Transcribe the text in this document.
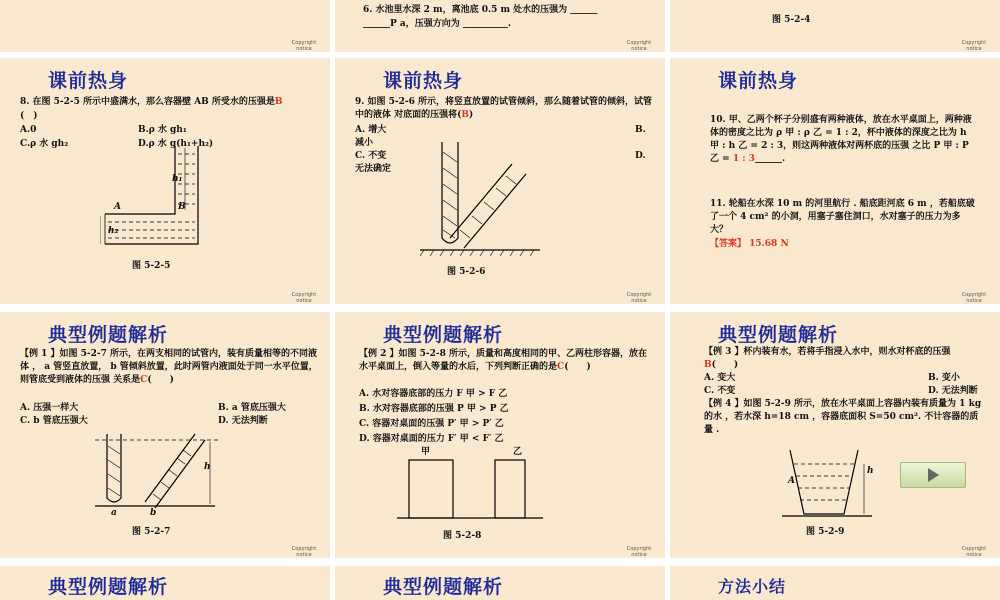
Copyright notice
6. 水池里水深 2 m，离池底 0.5 m 处水的压强为 ______
______P a，压强方向为 __________.
Copyright notice
图 5-2-4
Copyright notice
课前热身
8. 在图 5-2-5 所示中盛满水，那么容器壁 AB 所受水的压强是B
(　)
A.0	B.ρ 水 gh₁
C.ρ 水 gh₂	D.ρ 水 g(h₁+h₂)
A	B
h₁
h₂
图 5-2-5
Copyright notice
课前热身
9. 如图 5-2-6 所示，将竖直放置的试管倾斜，那么随着试管的倾斜，试管中的液体 对底面的压强将(B)
A. 增大	B.
减小
C. 不变	D.
无法确定
图 5-2-6
Copyright notice
课前热身
10. 甲、乙两个杯子分别盛有两种液体，放在水平桌面上，两种液体的密度之比为 ρ 甲 : ρ 乙 = 1 : 2，杯中液体的深度之比为 h 甲 : h 乙 = 2 : 3，则这两种液体对两杯底的压强 之比 P 甲 : P 乙 = 1 : 3______.
11. 轮船在水深 10 m 的河里航行 . 船底距河底 6 m ，若船底破了一个 4 cm² 的小洞，用塞子塞住洞口，水对塞子的压力为多大？
【答案】 15.68 N
Copyright notice
典型例题解析
【例 1 】如图 5-2-7 所示，在两支相同的试管内，装有质量相等的不同液体 ， a 管竖直放置， b 管倾斜放置，此时两管内液面处于同一水平位置，则管底受到液体的压强 关系是C(　　)
A. 压强一样大	B. a 管底压强大
C. b 管底压强大	D. 无法判断
a	b
h
图 5-2-7
Copyright notice
典型例题解析
【例 2 】如图 5-2-8 所示，质量和高度相同的甲、乙两柱形容器，放在 水平桌面上，倒入等量的水后，下列判断正确的是C(　　)
A. 水对容器底部的压力 F 甲 > F 乙
B. 水对容器底部的压强 P 甲 > P 乙
C. 容器对桌面的压强 P′ 甲 > P′ 乙
D. 容器对桌面的压力 F′ 甲 < F′ 乙
甲	乙
图 5-2-8
Copyright notice
典型例题解析
【例 3 】杯内装有水，若将手指浸入水中，则水对杯底的压强B(　　)
A. 变大	B. 变小
C. 不变	D. 无法判断
【例 4 】如图 5-2-9 所示，放在水平桌面上容器内装有质量为 1 kg 的水 ，若水深 h=18 cm ，容器底面积 S=50 cm². 不计容器的质量 .
A
h
图 5-2-9
Copyright notice
典型例题解析	典型例题解析	方法小结
